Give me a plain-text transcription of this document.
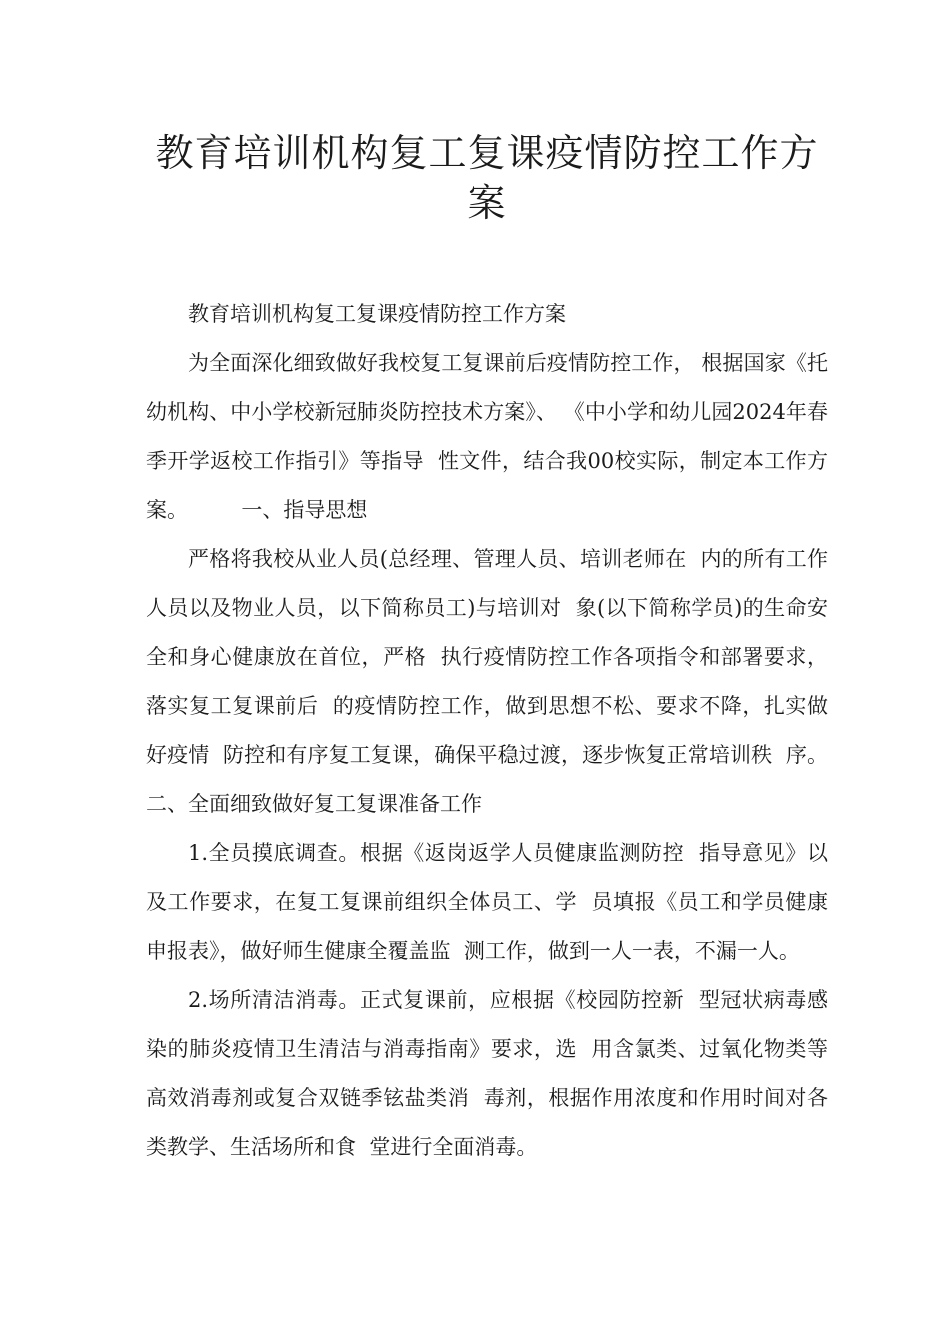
教育培训机构复工复课疫情防控工作方案

教育培训机构复工复课疫情防控工作方案

为全面深化细致做好我校复工复课前后疫情防控工作， 根据国家《托幼机构、中小学校新冠肺炎防控技术方案》、 《中小学和幼儿园2024年春季开学返校工作指引》等指导  性文件，结合我00校实际，制定本工作方案。        一、指导思想

严格将我校从业人员(总经理、管理人员、培训老师在  内的所有工作人员以及物业人员，以下简称员工)与培训对  象(以下简称学员)的生命安全和身心健康放在首位，严格  执行疫情防控工作各项指令和部署要求，落实复工复课前后  的疫情防控工作，做到思想不松、要求不降，扎实做好疫情  防控和有序复工复课，确保平稳过渡，逐步恢复正常培训秩  序。        二、全面细致做好复工复课准备工作

1.全员摸底调查。根据《返岗返学人员健康监测防控  指导意见》以及工作要求，在复工复课前组织全体员工、学  员填报《员工和学员健康申报表》，做好师生健康全覆盖监  测工作，做到一人一表，不漏一人。

2.场所清洁消毒。正式复课前，应根据《校园防控新  型冠状病毒感染的肺炎疫情卫生清洁与消毒指南》要求，选  用含氯类、过氧化物类等高效消毒剂或复合双链季铉盐类消  毒剂，根据作用浓度和作用时间对各类教学、生活场所和食  堂进行全面消毒。
